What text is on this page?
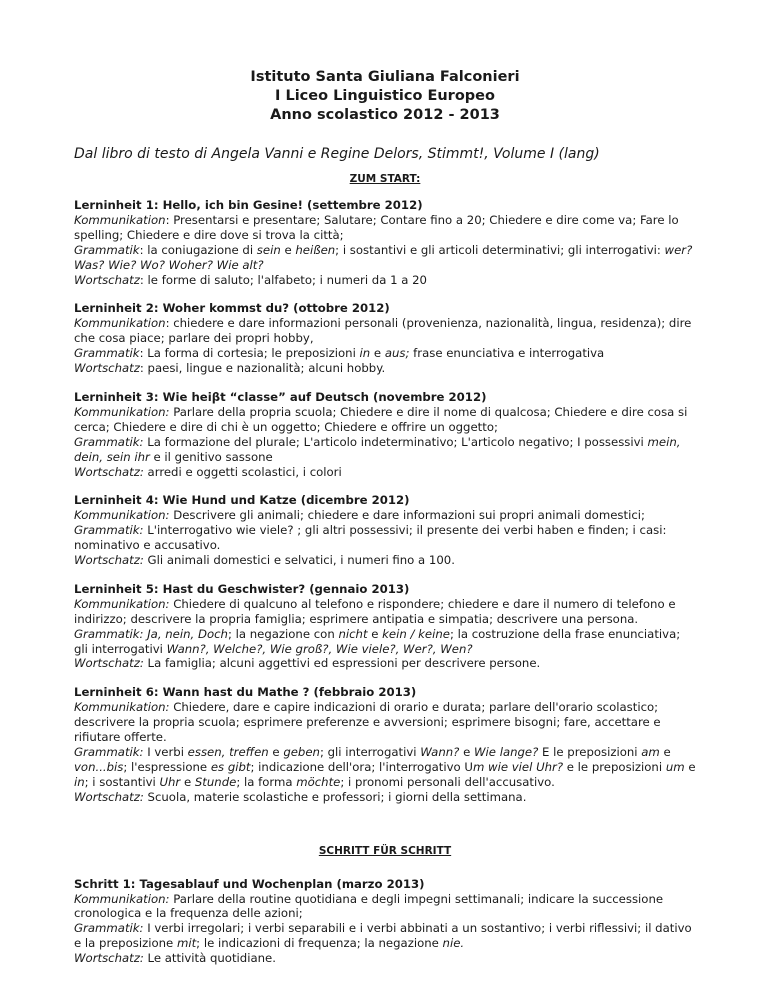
Istituto Santa Giuliana Falconieri
I Liceo Linguistico Europeo
Anno scolastico 2012 - 2013
Dal libro di testo di Angela Vanni e Regine Delors, Stimmt!, Volume I (lang)
ZUM START:
Lerninheit 1: Hello, ich bin Gesine! (settembre 2012)
Kommunikation: Presentarsi e presentare; Salutare; Contare fino a 20; Chiedere e dire come va; Fare lo spelling; Chiedere e dire dove si trova la città;
Grammatik: la coniugazione di sein e heißen; i sostantivi e gli articoli determinativi; gli interrogativi: wer? Was? Wie? Wo? Woher? Wie alt?
Wortschatz: le forme di saluto; l'alfabeto; i numeri da 1 a 20
Lerninheit 2: Woher kommst du? (ottobre 2012)
Kommunikation: chiedere e dare informazioni personali (provenienza, nazionalità, lingua, residenza); dire che cosa piace; parlare dei propri hobby,
Grammatik: La forma di cortesia; le preposizioni in e aus; frase enunciativa e interrogativa
Wortschatz: paesi, lingue e nazionalità; alcuni hobby.
Lerninheit 3: Wie heiβt “classe” auf Deutsch (novembre 2012)
Kommunikation: Parlare della propria scuola; Chiedere e dire il nome di qualcosa; Chiedere e dire cosa si cerca; Chiedere e dire di chi è un oggetto; Chiedere e offrire un oggetto;
Grammatik: La formazione del plurale; L'articolo indeterminativo; L'articolo negativo; I possessivi mein, dein, sein ihr e il genitivo sassone
Wortschatz: arredi e oggetti scolastici, i colori
Lerninheit 4: Wie Hund und Katze (dicembre 2012)
Kommunikation: Descrivere gli animali; chiedere e dare informazioni sui propri animali domestici;
Grammatik: L'interrogativo wie viele? ; gli altri possessivi; il presente dei verbi haben e finden; i casi: nominativo e accusativo.
Wortschatz: Gli animali domestici e selvatici, i numeri fino a 100.
Lerninheit 5: Hast du Geschwister? (gennaio 2013)
Kommunikation: Chiedere di qualcuno al telefono e rispondere; chiedere e dare il numero di telefono e indirizzo; descrivere la propria famiglia; esprimere antipatia e simpatia; descrivere una persona.
Grammatik: Ja, nein, Doch; la negazione con nicht e kein / keine; la costruzione della frase enunciativa; gli interrogativi Wann?, Welche?, Wie groß?, Wie viele?, Wer?, Wen?
Wortschatz: La famiglia; alcuni aggettivi ed espressioni per descrivere persone.
Lerninheit 6: Wann hast du Mathe ? (febbraio 2013)
Kommunikation: Chiedere, dare e capire indicazioni di orario e durata; parlare dell'orario scolastico; descrivere la propria scuola; esprimere preferenze e avversioni; esprimere bisogni; fare, accettare e rifiutare offerte.
Grammatik: I verbi essen, treffen e geben; gli interrogativi Wann? e Wie lange? E le preposizioni am e von...bis; l'espressione es gibt; indicazione dell'ora; l'interrogativo Um wie viel Uhr? e le preposizioni um e in; i sostantivi Uhr e Stunde; la forma möchte; i pronomi personali dell'accusativo.
Wortschatz: Scuola, materie scolastiche e professori; i giorni della settimana.
SCHRITT FÜR SCHRITT
Schritt 1: Tagesablauf und Wochenplan (marzo 2013)
Kommunikation: Parlare della routine quotidiana e degli impegni settimanali; indicare la successione cronologica e la frequenza delle azioni;
Grammatik: I verbi irregolari; i verbi separabili e i verbi abbinati a un sostantivo; i verbi riflessivi; il dativo e la preposizione mit; le indicazioni di frequenza; la negazione nie.
Wortschatz: Le attività quotidiane.
